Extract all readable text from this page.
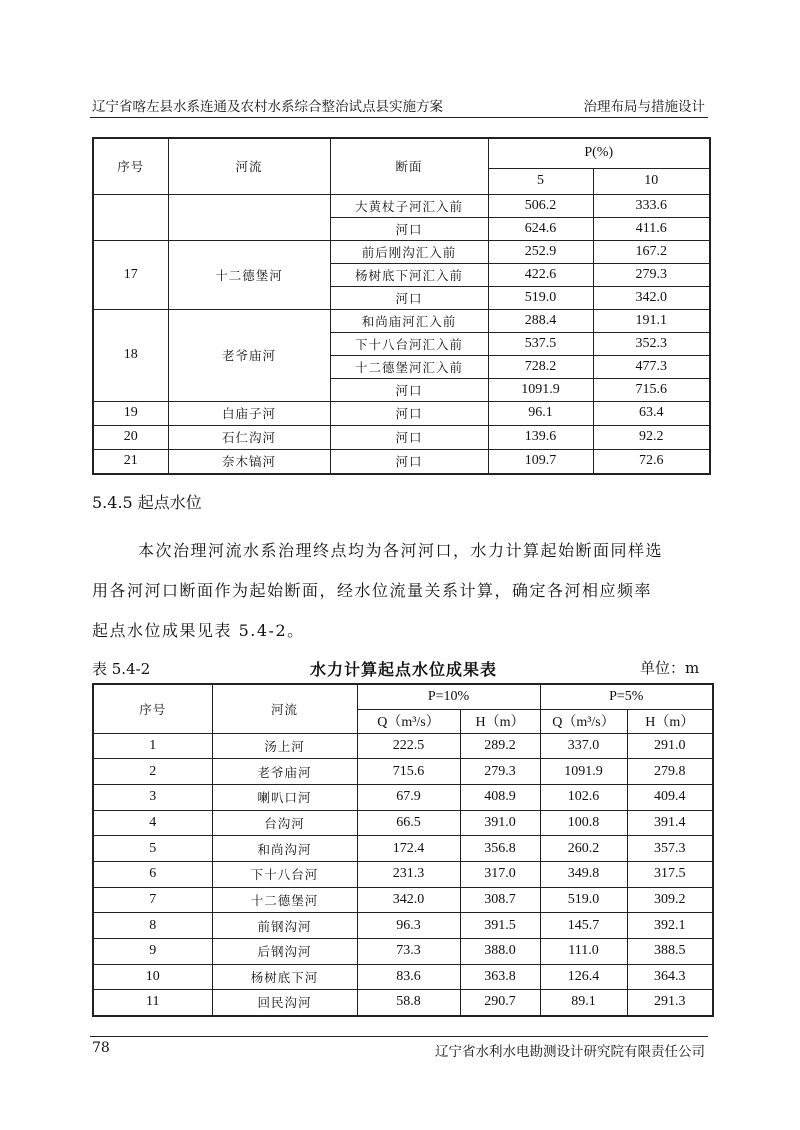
辽宁省喀左县水系连通及农村水系综合整治试点县实施方案	治理布局与措施设计
序号	河流	断面	P(%)	
			5	10
		大黄杖子河汇入前	506.2	333.6
		河口	624.6	411.6
17	十二德堡河	前后刚沟汇入前	252.9	167.2
		杨树底下河汇入前	422.6	279.3
		河口	519.0	342.0
18	老爷庙河	和尚庙河汇入前	288.4	191.1
		下十八台河汇入前	537.5	352.3
		十二德堡河汇入前	728.2	477.3
		河口	1091.9	715.6
19	白庙子河	河口	96.1	63.4
20	石仁沟河	河口	139.6	92.2
21	奈木镐河	河口	109.7	72.6
5.4.5 起点水位
本次治理河流水系治理终点均为各河河口，水力计算起始断面同样选
用各河河口断面作为起始断面，经水位流量关系计算，确定各河相应频率
起点水位成果见表 5.4-2。
表 5.4-2	水力计算起点水位成果表	单位：m
序号	河流	P=10%		P=5%	
		Q（m³/s）	H（m）	Q（m³/s）	H（m）
1	汤上河	222.5	289.2	337.0	291.0
2	老爷庙河	715.6	279.3	1091.9	279.8
3	喇叭口河	67.9	408.9	102.6	409.4
4	台沟河	66.5	391.0	100.8	391.4
5	和尚沟河	172.4	356.8	260.2	357.3
6	下十八台河	231.3	317.0	349.8	317.5
7	十二德堡河	342.0	308.7	519.0	309.2
8	前钢沟河	96.3	391.5	145.7	392.1
9	后钢沟河	73.3	388.0	111.0	388.5
10	杨树底下河	83.6	363.8	126.4	364.3
11	回民沟河	58.8	290.7	89.1	291.3
78	辽宁省水利水电勘测设计研究院有限责任公司
